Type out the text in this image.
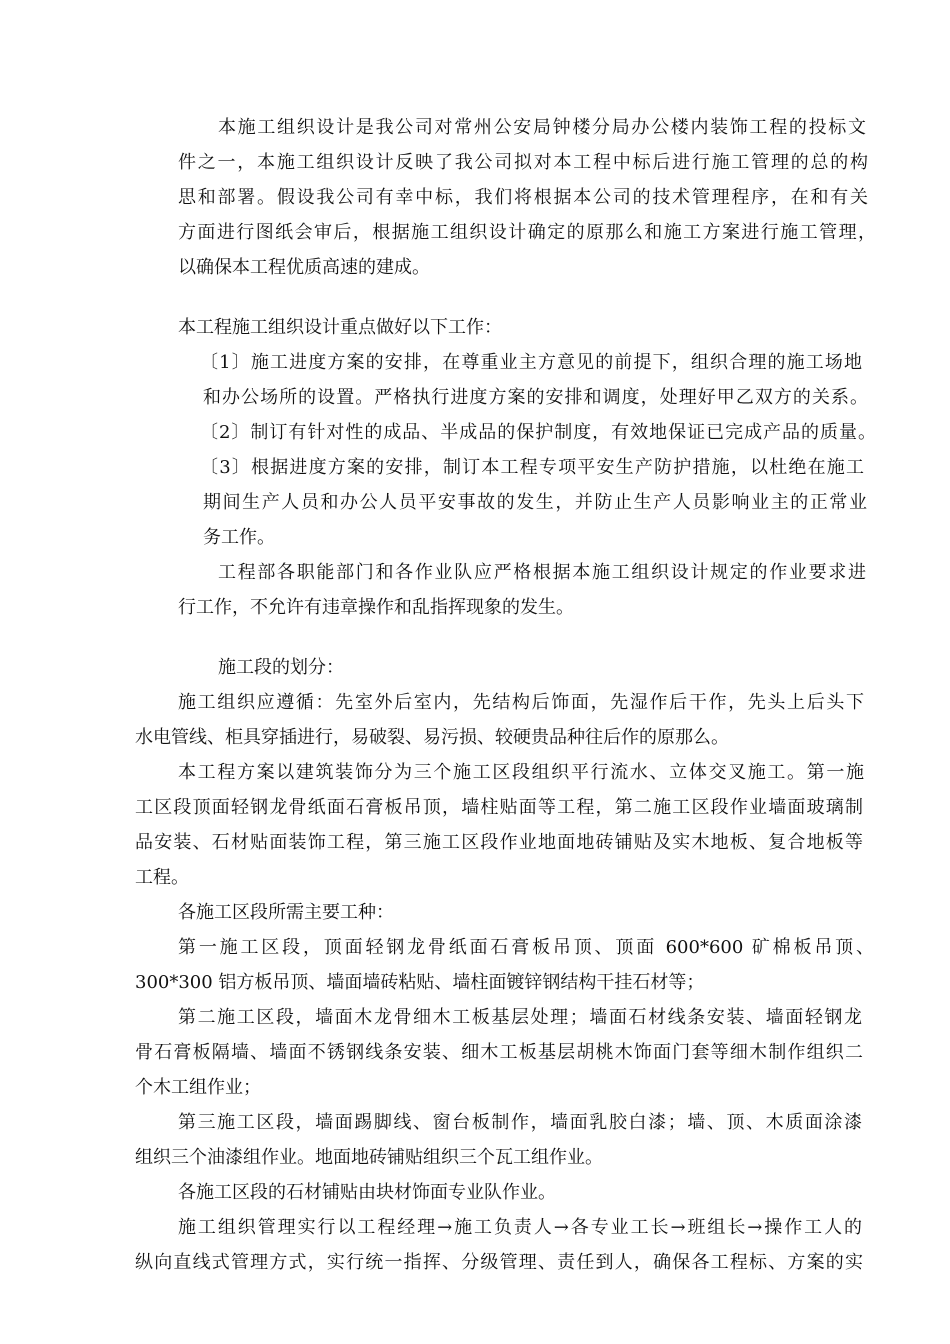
本施工组织设计是我公司对常州公安局钟楼分局办公楼内装饰工程的投标文
件之一，本施工组织设计反映了我公司拟对本工程中标后进行施工管理的总的构
思和部署。假设我公司有幸中标，我们将根据本公司的技术管理程序，在和有关
方面进行图纸会审后，根据施工组织设计确定的原那么和施工方案进行施工管理，
以确保本工程优质高速的建成。
本工程施工组织设计重点做好以下工作：
〔1〕施工进度方案的安排，在尊重业主方意见的前提下，组织合理的施工场地
和办公场所的设置。严格执行进度方案的安排和调度，处理好甲乙双方的关系。
〔2〕制订有针对性的成品、半成品的保护制度，有效地保证已完成产品的质量。
〔3〕根据进度方案的安排，制订本工程专项平安生产防护措施，以杜绝在施工
期间生产人员和办公人员平安事故的发生，并防止生产人员影响业主的正常业
务工作。
工程部各职能部门和各作业队应严格根据本施工组织设计规定的作业要求进
行工作，不允许有违章操作和乱指挥现象的发生。
施工段的划分：
施工组织应遵循：先室外后室内，先结构后饰面，先湿作后干作，先头上后头下
水电管线、柜具穿插进行，易破裂、易污损、较硬贵品种往后作的原那么。
本工程方案以建筑装饰分为三个施工区段组织平行流水、立体交叉施工。第一施
工区段顶面轻钢龙骨纸面石膏板吊顶，墙柱贴面等工程，第二施工区段作业墙面玻璃制
品安装、石材贴面装饰工程，第三施工区段作业地面地砖铺贴及实木地板、复合地板等
工程。
各施工区段所需主要工种：
第一施工区段，顶面轻钢龙骨纸面石膏板吊顶、顶面 600*600 矿棉板吊顶、
300*300 铝方板吊顶、墙面墙砖粘贴、墙柱面镀锌钢结构干挂石材等；
第二施工区段，墙面木龙骨细木工板基层处理；墙面石材线条安装、墙面轻钢龙
骨石膏板隔墙、墙面不锈钢线条安装、细木工板基层胡桃木饰面门套等细木制作组织二
个木工组作业；
第三施工区段，墙面踢脚线、窗台板制作，墙面乳胶白漆；墙、顶、木质面涂漆
组织三个油漆组作业。地面地砖铺贴组织三个瓦工组作业。
各施工区段的石材铺贴由块材饰面专业队作业。
施工组织管理实行以工程经理→施工负责人→各专业工长→班组长→操作工人的
纵向直线式管理方式，实行统一指挥、分级管理、责任到人，确保各工程标、方案的实
